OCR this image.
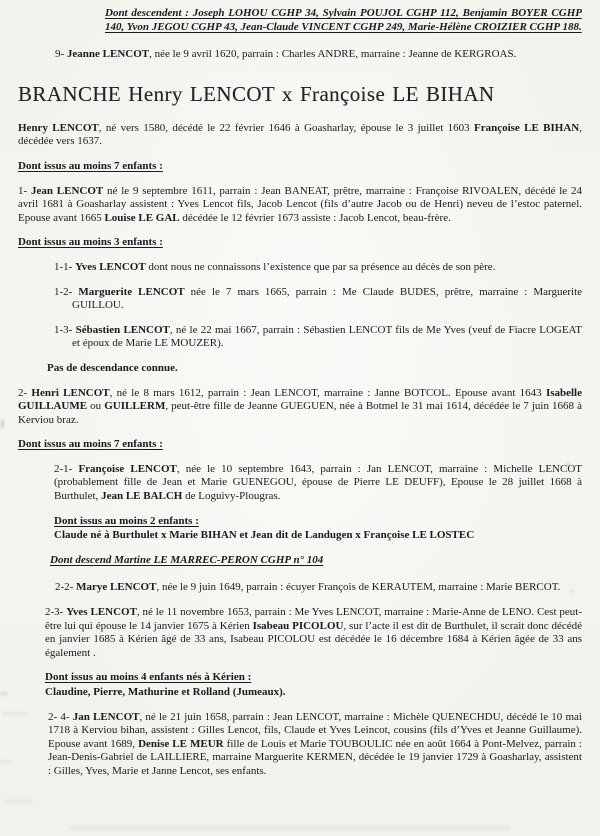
Dont descendent : Joseph LOHOU CGHP 34, Sylvain POUJOL CGHP 112, Benjamin BOYER CGHP 140, Yvon JEGOU CGHP 43, Jean-Claude VINCENT CGHP 249, Marie-Hélène CROIZIER CGHP 188.

9- Jeanne LENCOT, née le 9 avril 1620, parrain : Charles ANDRE, marraine : Jeanne de KERGROAS.

BRANCHE Henry LENCOT x Françoise LE BIHAN

Henry LENCOT, né vers 1580, décédé le 22 février 1646 à Goasharlay, épouse le 3 juillet 1603 Françoise LE BIHAN, décédée vers 1637.

Dont issus au moins 7 enfants :

1- Jean LENCOT né le 9 septembre 1611, parrain : Jean BANEAT, prêtre, marraine : Françoise RIVOALEN, décédé le 24 avril 1681 à Goasharlay assistent : Yves Lencot fils, Jacob Lencot (fils d’autre Jacob ou de Henri) neveu de l’estoc paternel. Epouse avant 1665 Louise LE GAL décédée le 12 février 1673 assiste : Jacob Lencot, beau-frère.

Dont issus au moins 3 enfants :

1-1- Yves LENCOT dont nous ne connaissons l’existence que par sa présence au décès de son père.

1-2- Marguerite LENCOT née le 7 mars 1665, parrain : Me Claude BUDES, prêtre, marraine : Marguerite GUILLOU.

1-3- Sébastien LENCOT, né le 22 mai 1667, parrain : Sébastien LENCOT fils de Me Yves (veuf de Fiacre LOGEAT et époux de Marie LE MOUZER).

Pas de descendance connue.

2- Henri LENCOT, né le 8 mars 1612, parrain : Jean LENCOT, marraine : Janne BOTCOL. Epouse avant 1643 Isabelle GUILLAUME ou GUILLERM, peut-être fille de Jeanne GUEGUEN, née à Botmel le 31 mai 1614, décédée le 7 juin 1668 à Kerviou braz.

Dont issus au moins 7 enfants :

2-1- Françoise LENCOT, née le 10 septembre 1643, parrain : Jan LENCOT, marraine : Michelle LENCOT (probablement fille de Jean et Marie GUENEGOU, épouse de Pierre LE DEUFF), Epouse le 28 juillet 1668 à Burthulet, Jean LE BALCH de Loguivy-Plougras.

Dont issus au moins 2 enfants :

Claude né à Burthulet x Marie BIHAN et Jean dit de Landugen x Françoise LE LOSTEC

Dont descend Martine LE MARREC-PERON CGHP n° 104

2-2- Marye LENCOT, née le 9 juin 1649, parrain : écuyer François de KERAUTEM, marraine : Marie BERCOT.

2-3- Yves LENCOT, né le 11 novembre 1653, parrain : Me Yves LENCOT, marraine : Marie-Anne de LENO. Cest peut-être lui qui épouse le 14 janvier 1675 à Kérien Isabeau PICOLOU, sur l’acte il est dit de Burthulet, il scrait donc décédé en janvier 1685 à Kérien âgé de 33 ans, Isabeau PICOLOU est décédée le 16 décembre 1684 à Kérien âgée de 33 ans également .

Dont issus au moins 4 enfants nés à Kérien :

Claudine, Pierre, Mathurine et Rolland (Jumeaux).

2- 4- Jan LENCOT, né le 21 juin 1658, parrain : Jean LENCOT, marraine : Michèle QUENECHDU, décédé le 10 mai 1718 à Kerviou bihan, assistent : Gilles Lencot, fils, Claude et Yves Leincot, cousins (fils d’Yves et Jeanne Guillaume). Epouse avant 1689, Denise LE MEUR fille de Louis et Marie TOUBOULIC née en août 1664 à Pont-Melvez, parrain : Jean-Denis-Gabriel de LAILLIERE, marraine Marguerite KERMEN, décédée le 19 janvier 1729 à Goasharlay, assistent : Gilles, Yves, Marie et Janne Lencot, ses enfants.
